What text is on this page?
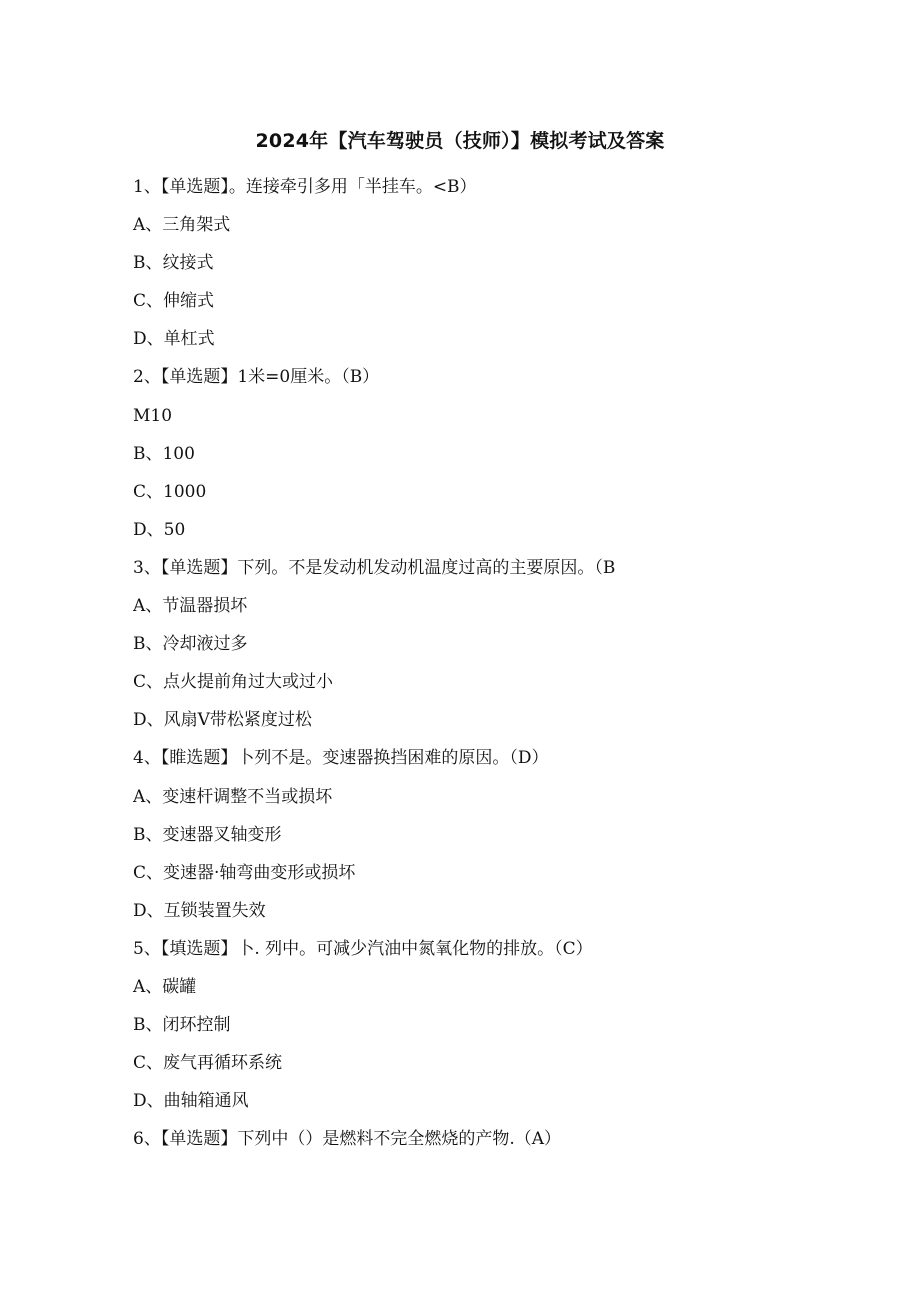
2024年【汽车驾驶员（技师）】模拟考试及答案
1、【单选题】。连接牵引多用「半挂车。<B）
A、三角架式
B、纹接式
C、伸缩式
D、单杠式
2、【单选题】1米=0厘米。（B）
M10
B、100
C、1000
D、50
3、【单选题】下列。不是发动机发动机温度过高的主要原因。（B
A、节温器损坏
B、冷却液过多
C、点火提前角过大或过小
D、风扇V带松紧度过松
4、【睢选题】卜列不是。变速器换挡困难的原因。（D）
A、变速杆调整不当或损坏
B、变速器叉轴变形
C、变速器·轴弯曲变形或损坏
D、互锁装置失效
5、【填选题】卜. 列中。可减少汽油中氮氧化物的排放。（C）
A、碳罐
B、闭环控制
C、废气再循环系统
D、曲轴箱通风
6、【单选题】下列中（）是燃料不完全燃烧的产物.（A）
